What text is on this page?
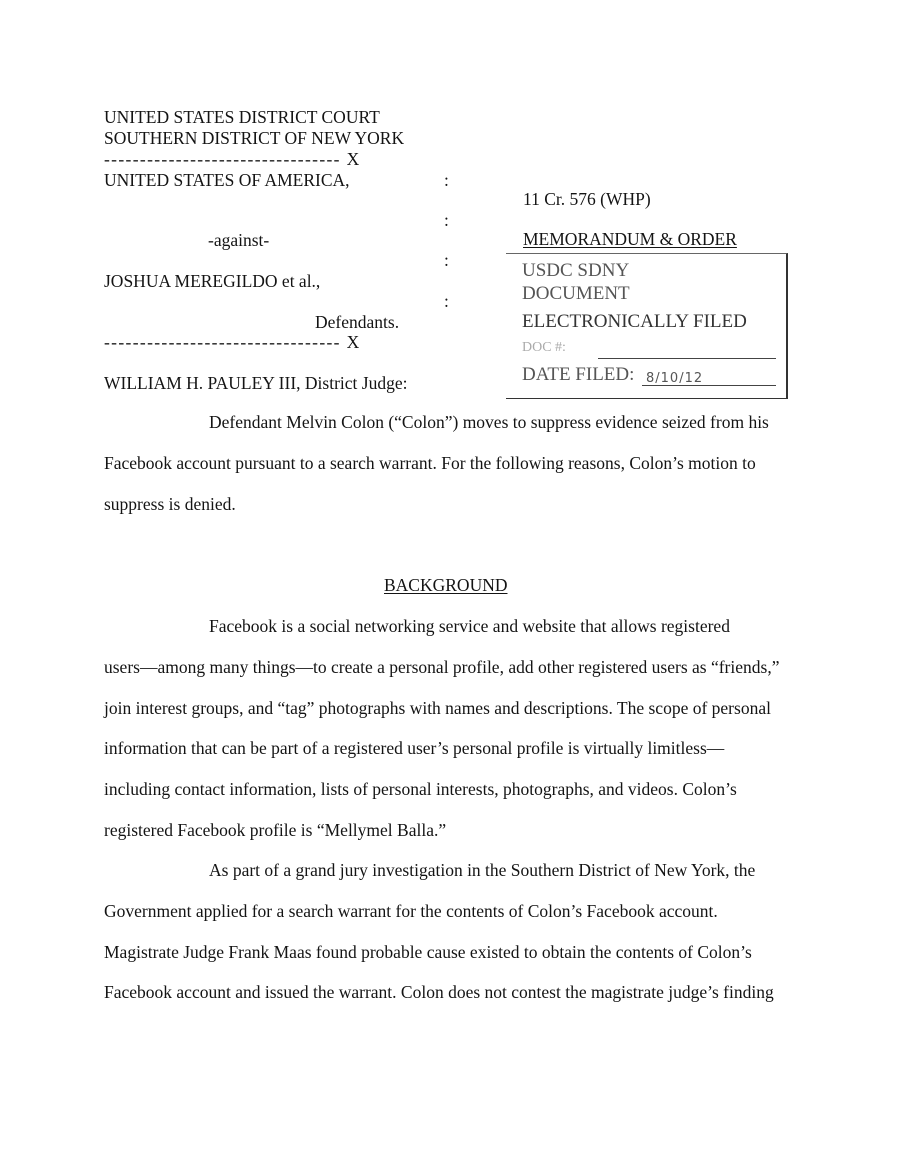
UNITED STATES DISTRICT COURT
SOUTHERN DISTRICT OF NEW YORK
--------------------------------- X
UNITED STATES OF AMERICA,	:
:
-against-
:
JOSHUA MEREGILDO et al.,
:
Defendants.
--------------------------------- X
11 Cr. 576 (WHP)
MEMORANDUM & ORDER
WILLIAM H. PAULEY III, District Judge:
USDC SDNY
DOCUMENT
ELECTRONICALLY FILED
DOC #:
DATE FILED: 8/10/12
Defendant Melvin Colon (“Colon”) moves to suppress evidence seized from his
Facebook account pursuant to a search warrant. For the following reasons, Colon’s motion to
suppress is denied.
BACKGROUND
Facebook is a social networking service and website that allows registered
users—among many things—to create a personal profile, add other registered users as “friends,”
join interest groups, and “tag” photographs with names and descriptions. The scope of personal
information that can be part of a registered user’s personal profile is virtually limitless—
including contact information, lists of personal interests, photographs, and videos. Colon’s
registered Facebook profile is “Mellymel Balla.”
As part of a grand jury investigation in the Southern District of New York, the
Government applied for a search warrant for the contents of Colon’s Facebook account.
Magistrate Judge Frank Maas found probable cause existed to obtain the contents of Colon’s
Facebook account and issued the warrant. Colon does not contest the magistrate judge’s finding
